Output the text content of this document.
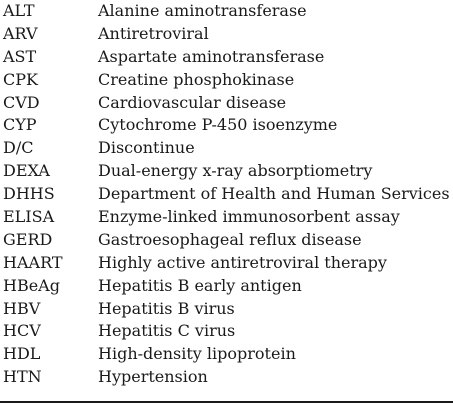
ALT	Alanine aminotransferase
ARV	Antiretroviral
AST	Aspartate aminotransferase
CPK	Creatine phosphokinase
CVD	Cardiovascular disease
CYP	Cytochrome P-450 isoenzyme
D/C	Discontinue
DEXA	Dual-energy x-ray absorptiometry
DHHS	Department of Health and Human Services
ELISA	Enzyme-linked immunosorbent assay
GERD	Gastroesophageal reflux disease
HAART	Highly active antiretroviral therapy
HBeAg	Hepatitis B early antigen
HBV	Hepatitis B virus
HCV	Hepatitis C virus
HDL	High-density lipoprotein
HTN	Hypertension
